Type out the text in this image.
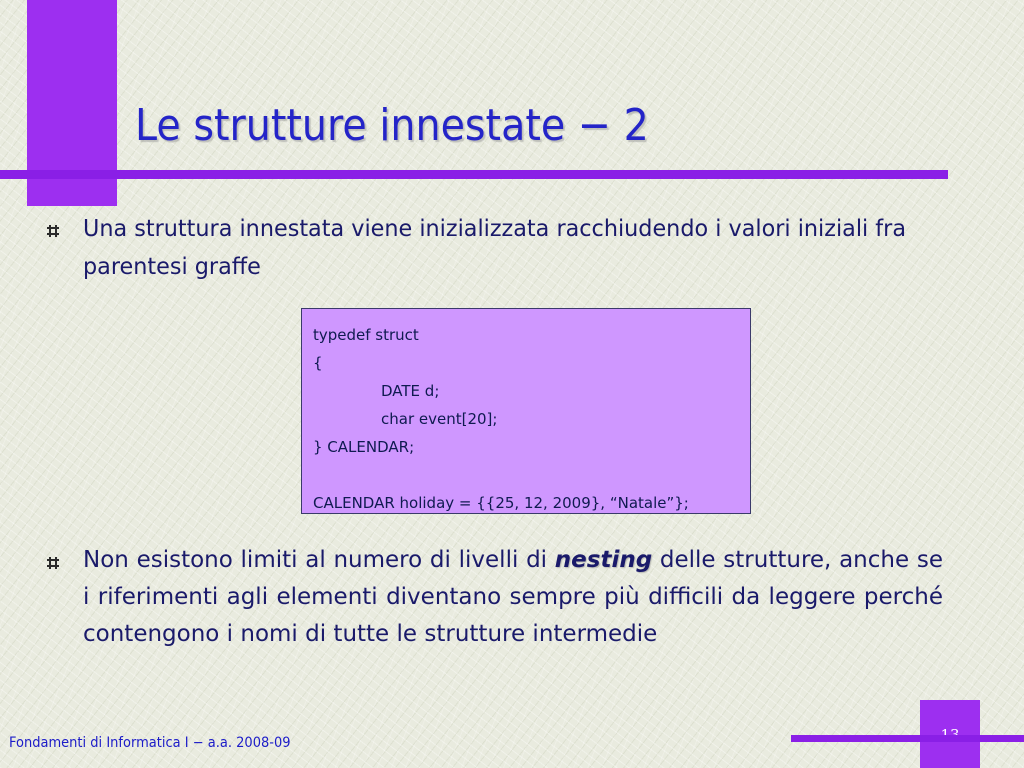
Le strutture innestate − 2

Una struttura innestata viene inizializzata racchiudendo i valori iniziali fra parentesi graffe

typedef struct
{
DATE d;
char event[20];
} CALENDAR;
CALENDAR holiday = {{25, 12, 2009}, “Natale”};

Non esistono limiti al numero di livelli di nesting delle strutture, anche se i riferimenti agli elementi diventano sempre più difficili da leggere perché contengono i nomi di tutte le strutture intermedie

Fondamenti di Informatica I − a.a. 2008-09
